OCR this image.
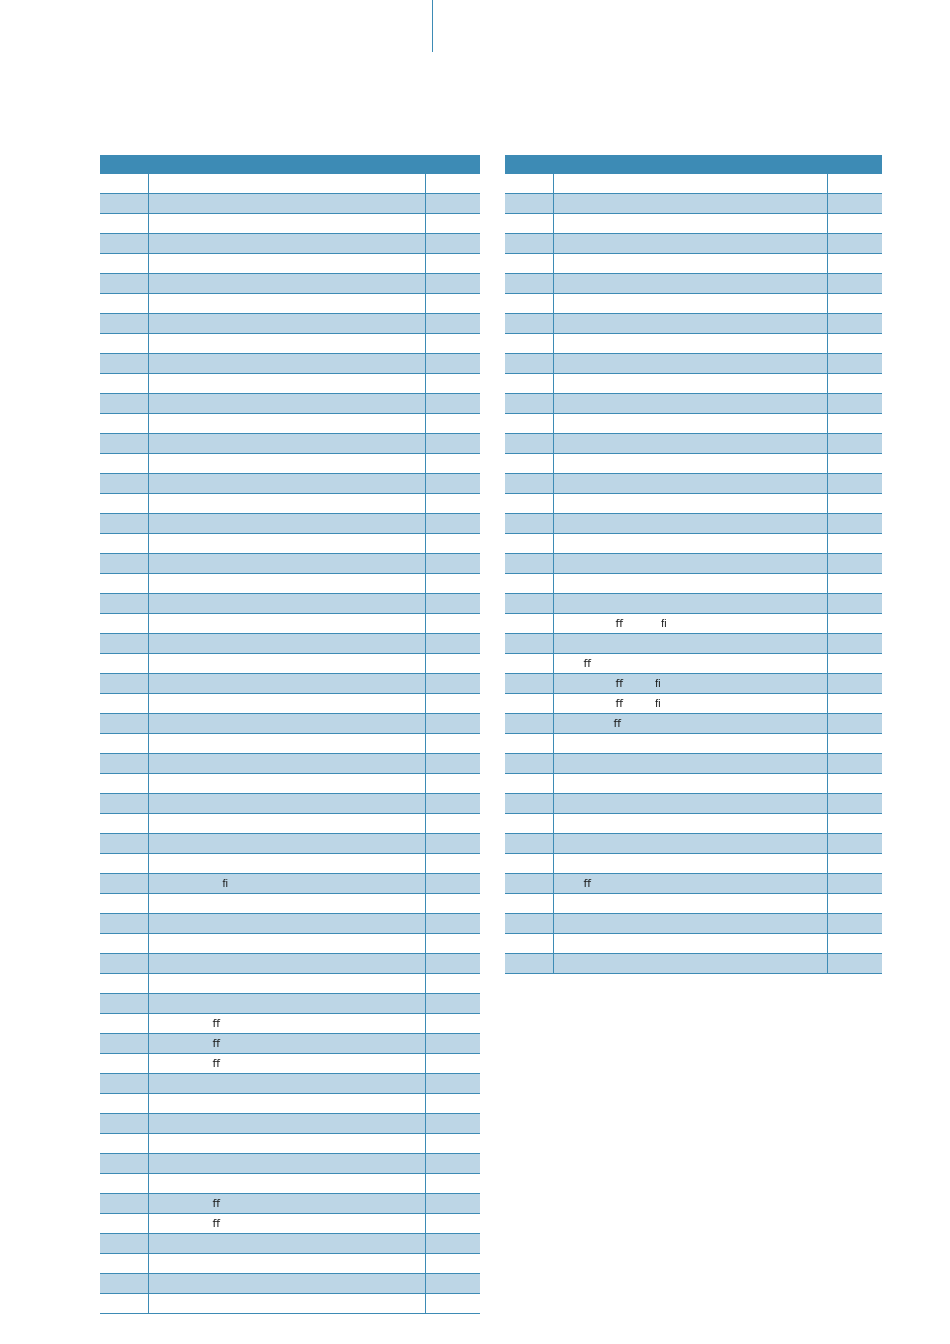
	ﬁ	

	ﬀ	
	ﬀ	
	ﬀ	

	ﬀ	
	ﬀ	

	ﬀ ﬁ	

	ﬀ	
	ﬀ ﬁ	
	ﬀ ﬁ	
	ﬀ	

	ﬀ	
